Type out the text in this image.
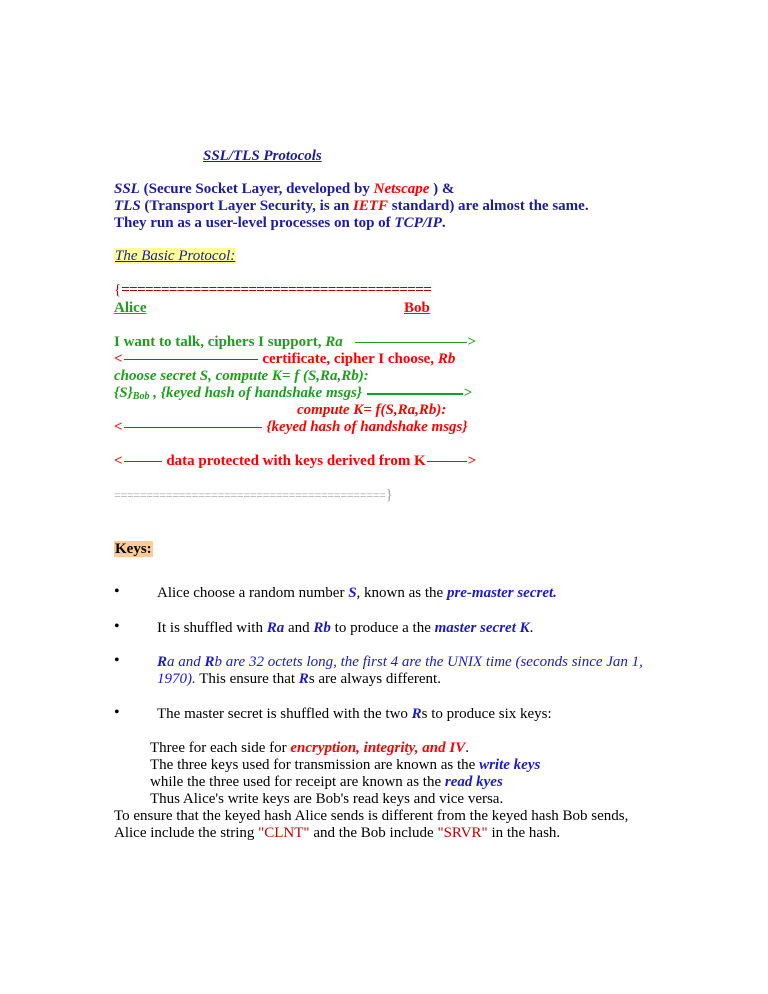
SSL/TLS Protocols
SSL (Secure Socket Layer, developed by Netscape ) &
TLS (Transport Layer Security, is an IETF standard) are almost the same.
They run as a user-level processes on top of TCP/IP.
The Basic Protocol:
{=======================================
Alice	Bob
I want to talk, ciphers I support, Ra	>
<	certificate, cipher I choose, Rb
choose secret S, compute K= f (S,Ra,Rb):
$\{S\}_{Bob}$ , {keyed hash of handshake msgs}	>
compute K= f(S,Ra,Rb):
<	{keyed hash of handshake msgs}
<	data protected with keys derived from K	>
==========================================}
Keys:
• Alice choose a random number S, known as the pre-master secret.
• It is shuffled with Ra and Rb to produce a the master secret K.
• Ra and Rb are 32 octets long, the first 4 are the UNIX time (seconds since Jan 1,
1970). This ensure that Rs are always different.
• The master secret is shuffled with the two Rs to produce six keys:
Three for each side for encryption, integrity, and IV.
The three keys used for transmission are known as the write keys
while the three used for receipt are known as the read kyes
Thus Alice's write keys are Bob's read keys and vice versa.
To ensure that the keyed hash Alice sends is different from the keyed hash Bob sends,
Alice include the string "CLNT" and the Bob include "SRVR" in the hash.
